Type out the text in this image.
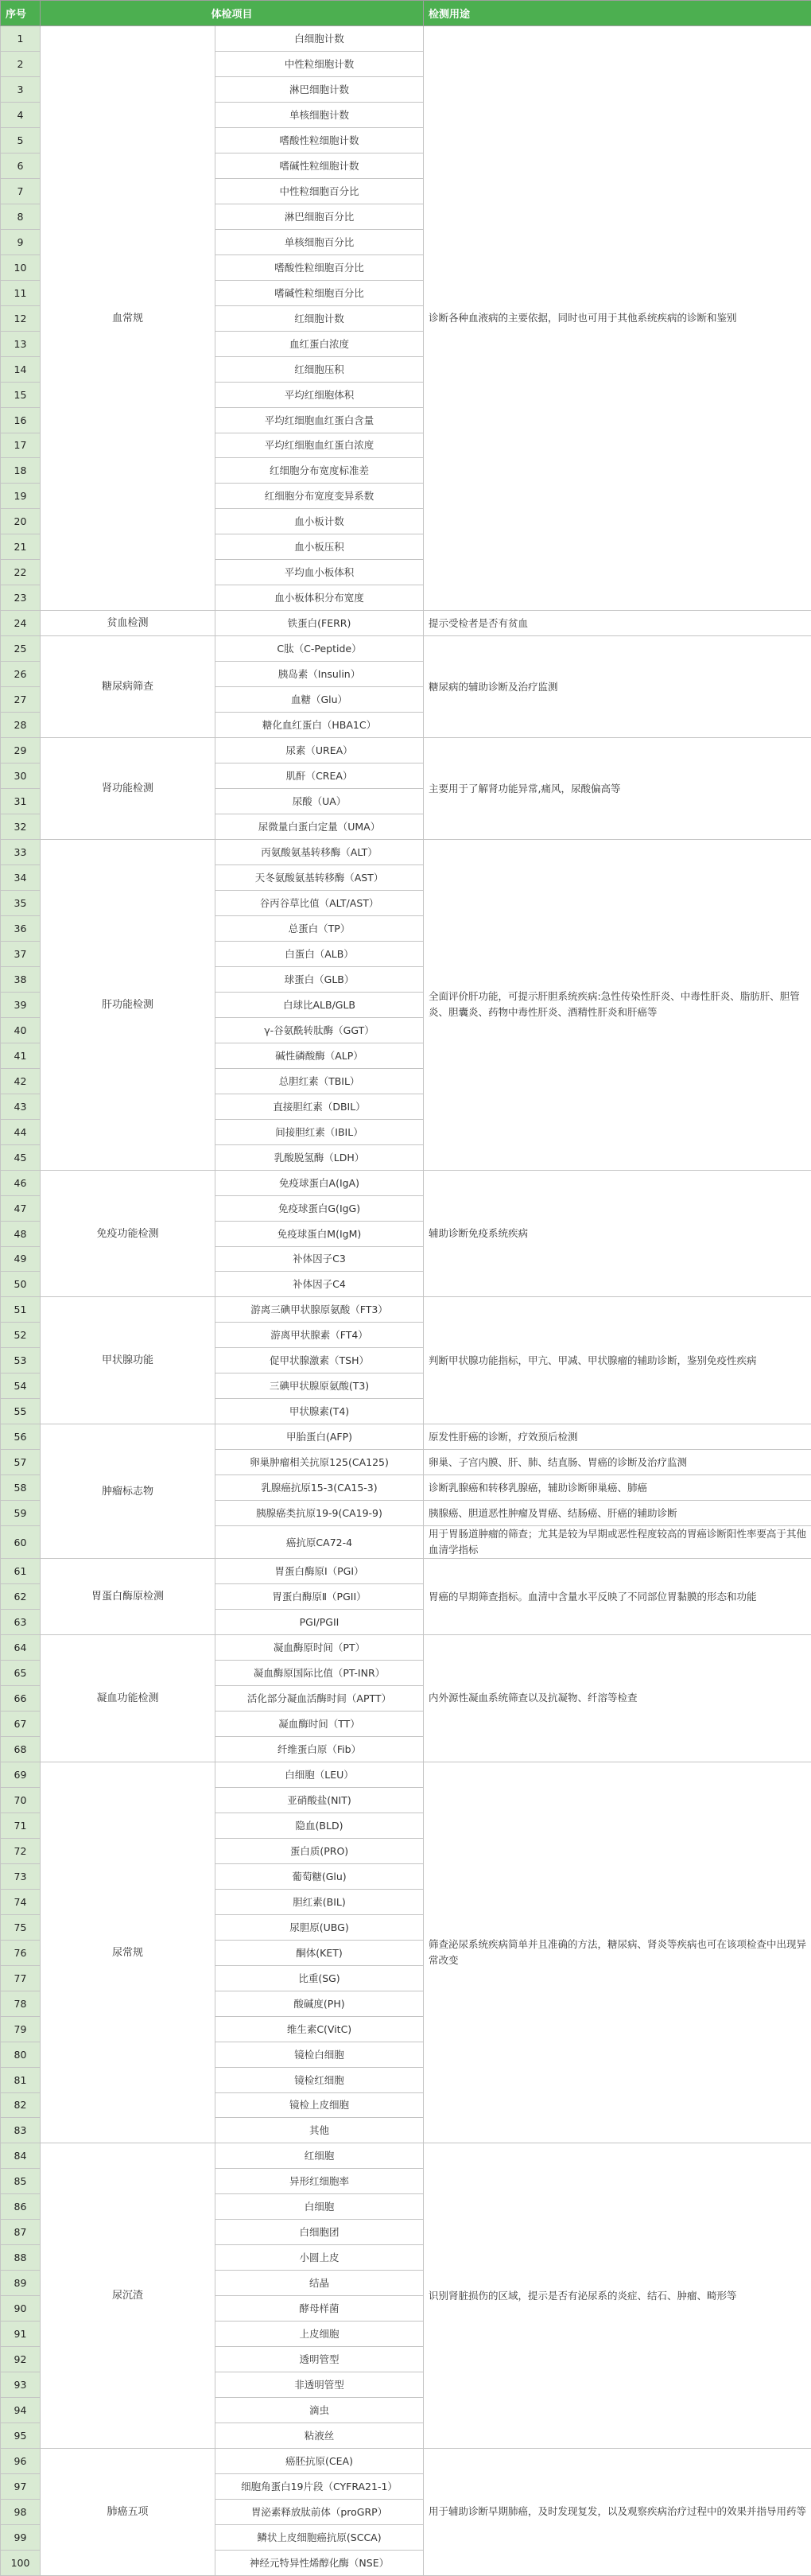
序号	体检项目		检测用途
1	血常规	白细胞计数	诊断各种血液病的主要依据，同时也可用于其他系统疾病的诊断和鉴别
2		中性粒细胞计数	
3		淋巴细胞计数	
4		单核细胞计数	
5		嗜酸性粒细胞计数	
6		嗜碱性粒细胞计数	
7		中性粒细胞百分比	
8		淋巴细胞百分比	
9		单核细胞百分比	
10		嗜酸性粒细胞百分比	
11		嗜碱性粒细胞百分比	
12		红细胞计数	
13		血红蛋白浓度	
14		红细胞压积	
15		平均红细胞体积	
16		平均红细胞血红蛋白含量	
17		平均红细胞血红蛋白浓度	
18		红细胞分布宽度标准差	
19		红细胞分布宽度变异系数	
20		血小板计数	
21		血小板压积	
22		平均血小板体积	
23		血小板体积分布宽度	
24	贫血检测	铁蛋白(FERR)	提示受检者是否有贫血
25	糖尿病筛查	C肽（C-Peptide）	糖尿病的辅助诊断及治疗监测
26		胰岛素（Insulin）	
27		血糖（Glu）	
28		糖化血红蛋白（HBA1C）	
29	肾功能检测	尿素（UREA）	主要用于了解肾功能异常,痛风，尿酸偏高等
30		肌酐（CREA）	
31		尿酸（UA）	
32		尿微量白蛋白定量（UMA）	
33	肝功能检测	丙氨酸氨基转移酶（ALT）	全面评价肝功能，可提示肝胆系统疾病:急性传染性肝炎、中毒性肝炎、脂肪肝、胆管炎、胆囊炎、药物中毒性肝炎、酒精性肝炎和肝癌等
34		天冬氨酸氨基转移酶（AST）	
35		谷丙谷草比值（ALT/AST）	
36		总蛋白（TP）	
37		白蛋白（ALB）	
38		球蛋白（GLB）	
39		白球比ALB/GLB	
40		γ-谷氨酰转肽酶（GGT）	
41		碱性磷酸酶（ALP）	
42		总胆红素（TBIL）	
43		直接胆红素（DBIL）	
44		间接胆红素（IBIL）	
45		乳酸脱氢酶（LDH）	
46	免疫功能检测	免疫球蛋白A(IgA)	辅助诊断免疫系统疾病
47		免疫球蛋白G(IgG)	
48		免疫球蛋白M(IgM)	
49		补体因子C3	
50		补体因子C4	
51	甲状腺功能	游离三碘甲状腺原氨酸（FT3）	判断甲状腺功能指标，甲亢、甲减、甲状腺瘤的辅助诊断，鉴别免疫性疾病
52		游离甲状腺素（FT4）	
53		促甲状腺激素（TSH）	
54		三碘甲状腺原氨酸(T3)	
55		甲状腺素(T4)	
56	肿瘤标志物	甲胎蛋白(AFP)	原发性肝癌的诊断，疗效预后检测
57		卵巢肿瘤相关抗原125(CA125)	卵巢、子宫内膜、肝、肺、结直肠、胃癌的诊断及治疗监测
58		乳腺癌抗原15-3(CA15-3)	诊断乳腺癌和转移乳腺癌，辅助诊断卵巢癌、肺癌
59		胰腺癌类抗原19-9(CA19-9)	胰腺癌、胆道恶性肿瘤及胃癌、结肠癌、肝癌的辅助诊断
60		癌抗原CA72-4	用于胃肠道肿瘤的筛查；尤其是较为早期或恶性程度较高的胃癌诊断阳性率要高于其他血清学指标
61	胃蛋白酶原检测	胃蛋白酶原Ⅰ（PGI）	胃癌的早期筛查指标。血清中含量水平反映了不同部位胃黏膜的形态和功能
62		胃蛋白酶原Ⅱ（PGII）	
63		PGI/PGII	
64	凝血功能检测	凝血酶原时间（PT）	内外源性凝血系统筛查以及抗凝物、纤溶等检查
65		凝血酶原国际比值（PT-INR）	
66		活化部分凝血活酶时间（APTT）	
67		凝血酶时间（TT）	
68		纤维蛋白原（Fib）	
69	尿常规	白细胞（LEU）	筛查泌尿系统疾病简单并且准确的方法，糖尿病、肾炎等疾病也可在该项检查中出现异常改变
70		亚硝酸盐(NIT)	
71		隐血(BLD)	
72		蛋白质(PRO)	
73		葡萄糖(Glu)	
74		胆红素(BIL)	
75		尿胆原(UBG)	
76		酮体(KET)	
77		比重(SG)	
78		酸碱度(PH)	
79		维生素C(VitC)	
80		镜检白细胞	
81		镜检红细胞	
82		镜检上皮细胞	
83		其他	
84	尿沉渣	红细胞	识别肾脏损伤的区域，提示是否有泌尿系的炎症、结石、肿瘤、畸形等
85		异形红细胞率	
86		白细胞	
87		白细胞团	
88		小圆上皮	
89		结晶	
90		酵母样菌	
91		上皮细胞	
92		透明管型	
93		非透明管型	
94		滴虫	
95		粘液丝	
96	肺癌五项	癌胚抗原(CEA)	用于辅助诊断早期肺癌，及时发现复发，以及观察疾病治疗过程中的效果并指导用药等
97		细胞角蛋白19片段（CYFRA21-1）	
98		胃泌素释放肽前体（proGRP）	
99		鳞状上皮细胞癌抗原(SCCA)	
100		神经元特异性烯醇化酶（NSE）	
